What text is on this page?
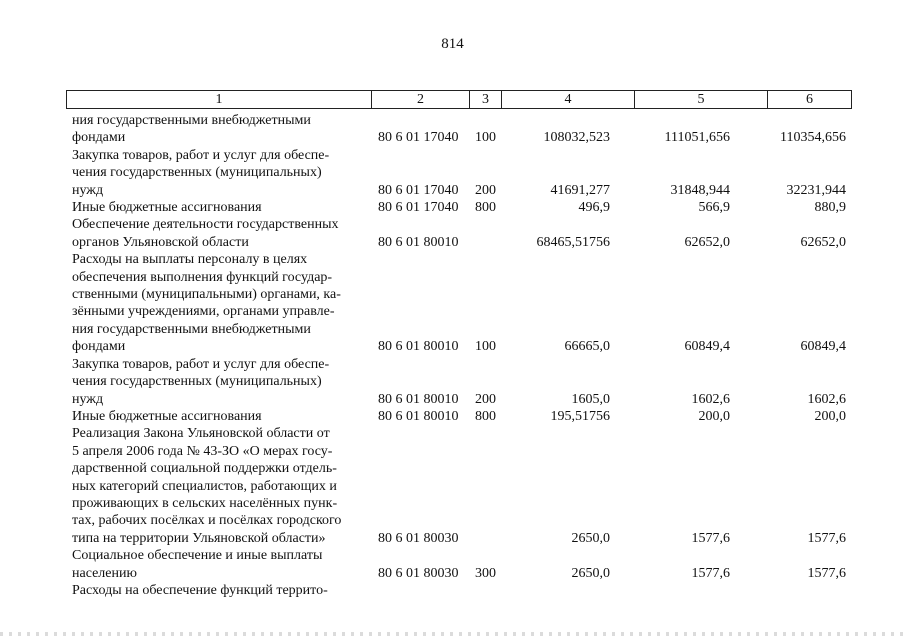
814
1	2	3	4	5	6
ния государственными внебюджетными
фондами	80 6 01 17040 100	108032,523	111051,656	110354,656
Закупка товаров, работ и услуг для обеспе-
чения государственных (муниципальных)
нужд	80 6 01 17040 200	41691,277	31848,944	32231,944
Иные бюджетные ассигнования	80 6 01 17040 800	496,9	566,9	880,9
Обеспечение деятельности государственных
органов Ульяновской области	80 6 01 80010	68465,51756	62652,0	62652,0
Расходы на выплаты персоналу в целях
обеспечения выполнения функций государ-
ственными (муниципальными) органами, ка-
зёнными учреждениями, органами управле-
ния государственными внебюджетными
фондами	80 6 01 80010 100	66665,0	60849,4	60849,4
Закупка товаров, работ и услуг для обеспе-
чения государственных (муниципальных)
нужд	80 6 01 80010 200	1605,0	1602,6	1602,6
Иные бюджетные ассигнования	80 6 01 80010 800	195,51756	200,0	200,0
Реализация Закона Ульяновской области от
5 апреля 2006 года № 43-ЗО «О мерах госу-
дарственной социальной поддержки отдель-
ных категорий специалистов, работающих и
проживающих в сельских населённых пунк-
тах, рабочих посёлках и посёлках городского
типа на территории Ульяновской области»	80 6 01 80030	2650,0	1577,6	1577,6
Социальное обеспечение и иные выплаты
населению	80 6 01 80030 300	2650,0	1577,6	1577,6
Расходы на обеспечение функций террито-
